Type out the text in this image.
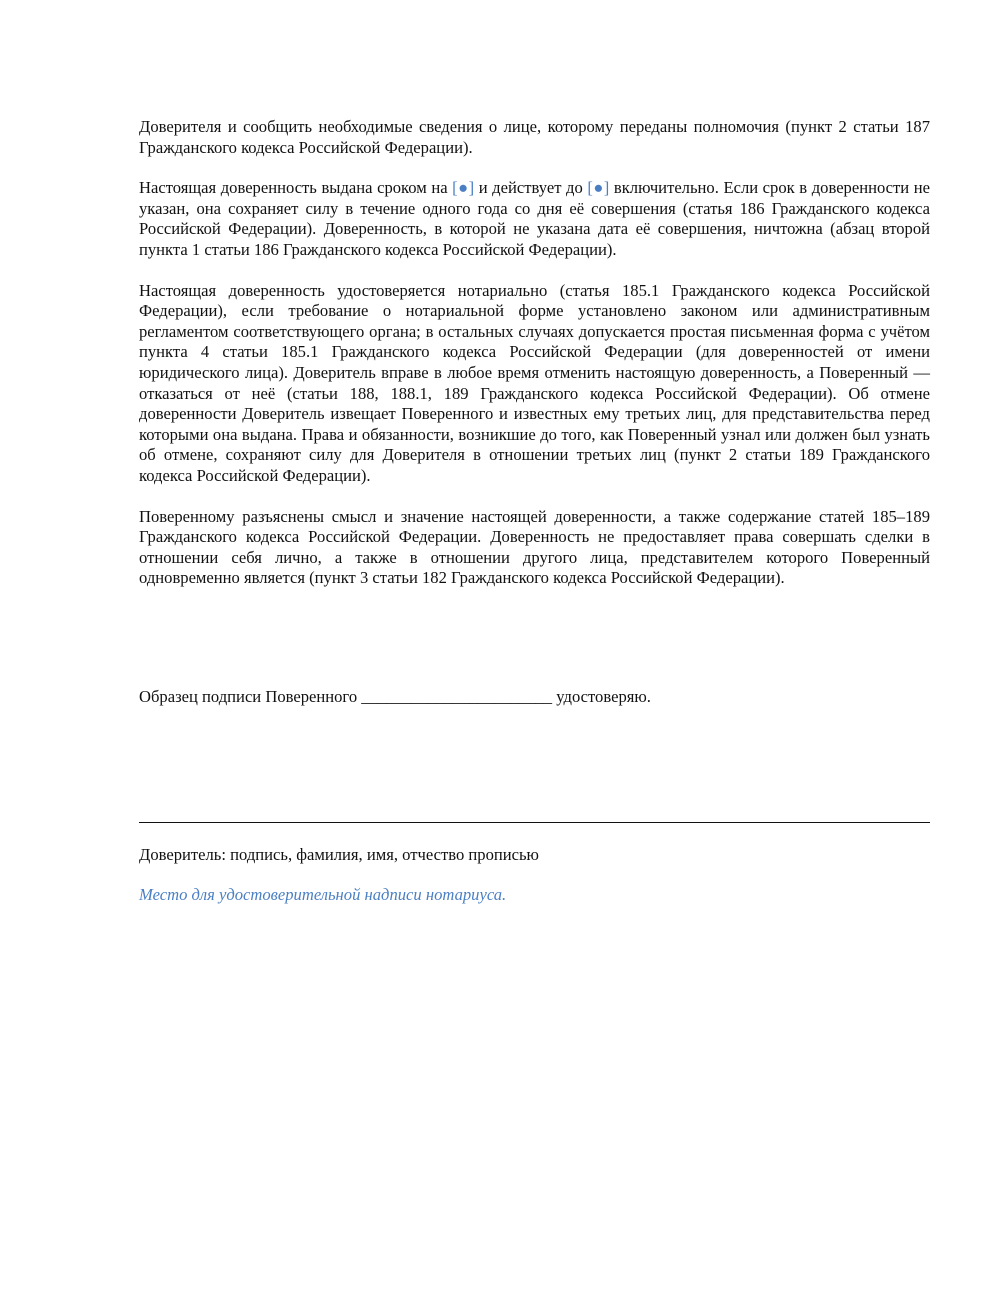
Доверителя и сообщить необходимые сведения о лице, которому переданы полномочия (пункт 2 статьи 187 Гражданского кодекса Российской Федерации).

Настоящая доверенность выдана сроком на [●] и действует до [●] включительно. Если срок в доверенности не указан, она сохраняет силу в течение одного года со дня её совершения (статья 186 Гражданского кодекса Российской Федерации). Доверенность, в которой не указана дата её совершения, ничтожна (абзац второй пункта 1 статьи 186 Гражданского кодекса Российской Федерации).

Настоящая доверенность удостоверяется нотариально (статья 185.1 Гражданского кодекса Российской Федерации), если требование о нотариальной форме установлено законом или административным регламентом соответствующего органа; в остальных случаях допускается простая письменная форма с учётом пункта 4 статьи 185.1 Гражданского кодекса Российской Федерации (для доверенностей от имени юридического лица). Доверитель вправе в любое время отменить настоящую доверенность, а Поверенный — отказаться от неё (статьи 188, 188.1, 189 Гражданского кодекса Российской Федерации). Об отмене доверенности Доверитель извещает Поверенного и известных ему третьих лиц, для представительства перед которыми она выдана. Права и обязанности, возникшие до того, как Поверенный узнал или должен был узнать об отмене, сохраняют силу для Доверителя в отношении третьих лиц (пункт 2 статьи 189 Гражданского кодекса Российской Федерации).

Поверенному разъяснены смысл и значение настоящей доверенности, а также содержание статей 185–189 Гражданского кодекса Российской Федерации. Доверенность не предоставляет права совершать сделки в отношении себя лично, а также в отношении другого лица, представителем которого Поверенный одновременно является (пункт 3 статьи 182 Гражданского кодекса Российской Федерации).

Образец подписи Поверенного _______________________ удостоверяю.
Доверитель: подпись, фамилия, имя, отчество прописью
Место для удостоверительной надписи нотариуса.
